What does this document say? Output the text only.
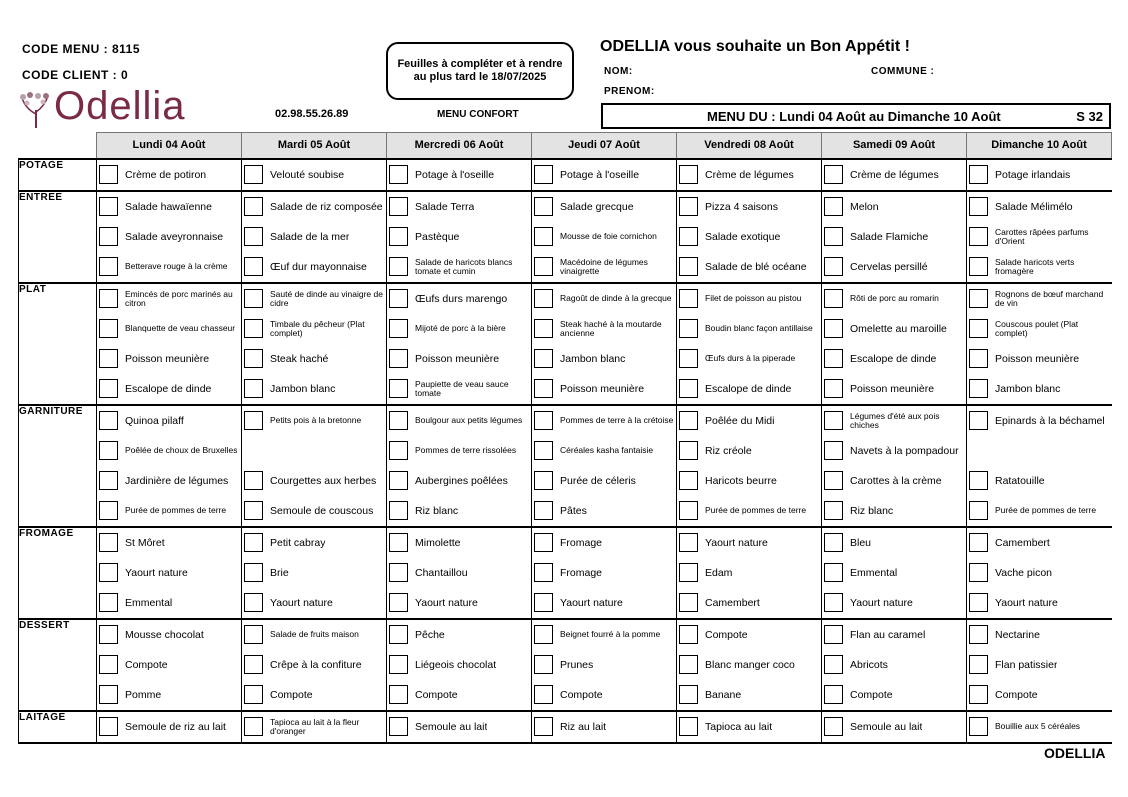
CODE MENU : 8115
CODE CLIENT : 0
Odellia	02.98.55.26.89	MENU CONFORT
Feuilles à compléter et à rendre au plus tard le 18/07/2025
ODELLIA vous souhaite un Bon Appétit !
NOM:	COMMUNE :
PRENOM:
MENU DU : Lundi 04 Août au Dimanche 10 Août	S 32
	Lundi 04 Août	Mardi 05 Août	Mercredi 06 Août	Jeudi 07 Août	Vendredi 08 Août	Samedi 09 Août	Dimanche 10 Août
POTAGE	Crème de potiron	Velouté soubise	Potage à l'oseille	Potage à l'oseille	Crème de légumes	Crème de légumes	Potage irlandais

ENTREE	Salade hawaïenne	Salade de riz composée	Salade Terra	Salade grecque	Pizza 4 saisons	Melon	Salade Mélimélo

	Salade aveyronnaise	Salade de la mer	Pastèque	Mousse de foie cornichon	Salade exotique	Salade Flamiche	Carottes râpées parfums d'Orient

	Betterave rouge à la crème	Œuf dur mayonnaise	Salade de haricots blancs tomate et cumin	Macédoine de légumes vinaigrette	Salade de blé océane	Cervelas persillé	Salade haricots verts fromagère

PLAT	Emincés de porc marinés au citron	Sauté de dinde au vinaigre de cidre	Œufs durs marengo	Ragoût de dinde à la grecque	Filet de poisson au pistou	Rôti de porc au romarin	Rognons de bœuf marchand de vin

	Blanquette de veau chasseur	Timbale du pêcheur (Plat complet)	Mijoté de porc à la bière	Steak haché à la moutarde ancienne	Boudin blanc façon antillaise	Omelette au maroille	Couscous poulet (Plat complet)

	Poisson meunière	Steak haché	Poisson meunière	Jambon blanc	Œufs durs à la piperade	Escalope de dinde	Poisson meunière

	Escalope de dinde	Jambon blanc	Paupiette de veau sauce tomate	Poisson meunière	Escalope de dinde	Poisson meunière	Jambon blanc

GARNITURE	Quinoa pilaff	Petits pois à la bretonne	Boulgour aux petits légumes	Pommes de terre à la crétoise	Poêlée du Midi	Légumes d'été aux pois chiches	Epinards à la béchamel

	Poêlée de choux de Bruxelles		Pommes de terre rissolées	Céréales kasha fantaisie	Riz créole	Navets à la pompadour	

	Jardinière de légumes	Courgettes aux herbes	Aubergines poêlées	Purée de céleris	Haricots beurre	Carottes à la crème	Ratatouille

	Purée de pommes de terre	Semoule de couscous	Riz blanc	Pâtes	Purée de pommes de terre	Riz blanc	Purée de pommes de terre

FROMAGE	St Môret	Petit cabray	Mimolette	Fromage	Yaourt nature	Bleu	Camembert

	Yaourt nature	Brie	Chantaillou	Fromage	Edam	Emmental	Vache picon

	Emmental	Yaourt nature	Yaourt nature	Yaourt nature	Camembert	Yaourt nature	Yaourt nature

DESSERT	Mousse chocolat	Salade de fruits maison	Pêche	Beignet fourré à la pomme	Compote	Flan au caramel	Nectarine

	Compote	Crêpe à la confiture	Liégeois chocolat	Prunes	Blanc manger coco	Abricots	Flan patissier

	Pomme	Compote	Compote	Compote	Banane	Compote	Compote

LAITAGE	Semoule de riz au lait	Tapioca au lait à la fleur d'oranger	Semoule au lait	Riz au lait	Tapioca au lait	Semoule au lait	Bouillie aux 5 céréales
ODELLIA
